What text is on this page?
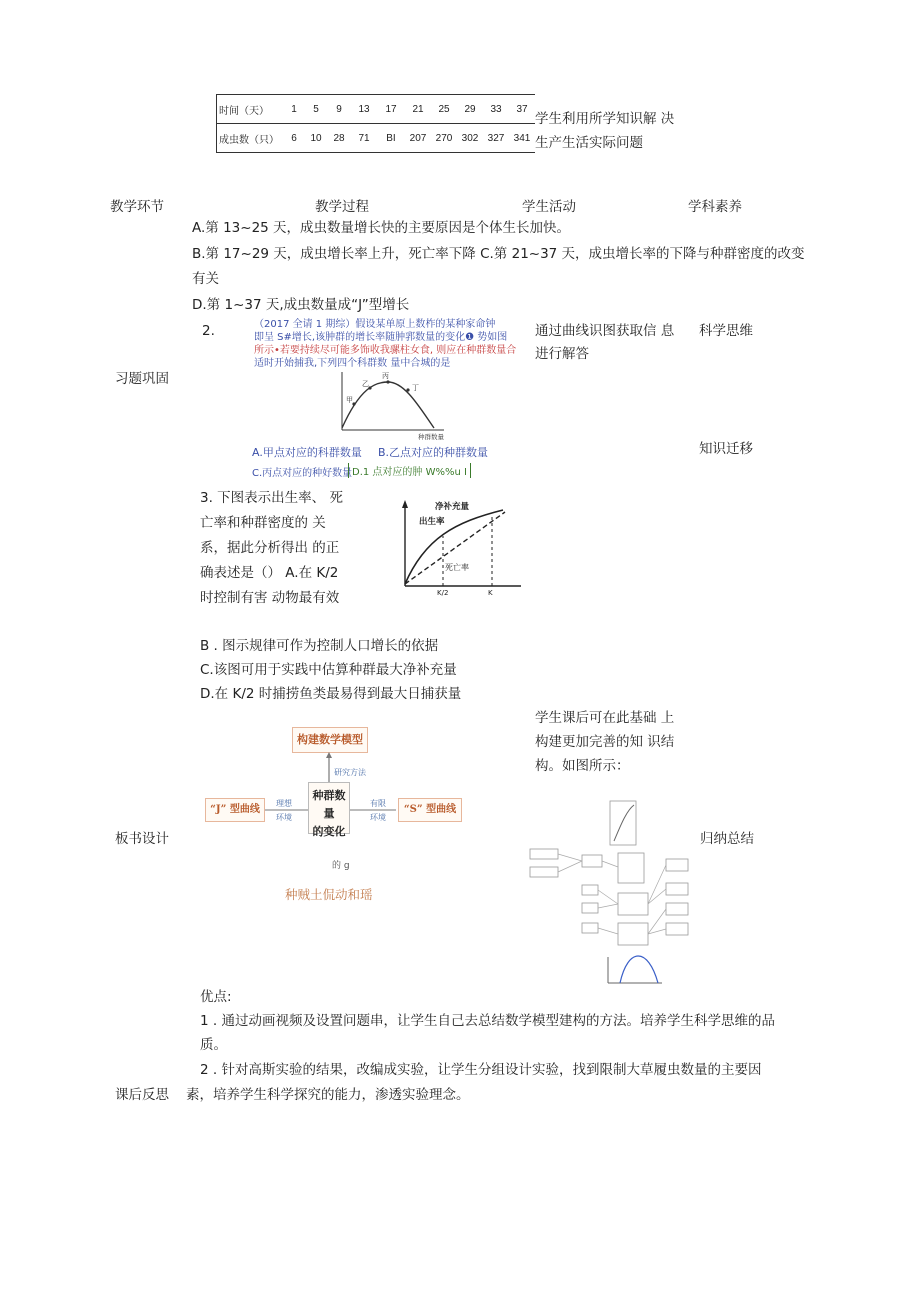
时间（天）	1	5	9	13	17	21	25	29	33	37
成虫数（只）	6	10	28	71	BI	207	270	302	327	341
学生利用所学知识解 决
生产生活实际问题
教学环节	教学过程	学生活动	学科素养
A.第 13~25 天，成虫数量增长快的主要原因是个体生长加快。
B.第 17~29 天，成虫增长率上升，死亡率下降 C.第 21~37 天，成虫增长率的下降与种群密度的改变
有关
D.第 1~37 天,成虫数量成“J”型增长
2.	（2017 全请 1 期综）假设某单原上数柞的某种家命钟
即呈 S#增长,该肿群的增长率随肿郛数量的变化❶ 势如图
所示•若要持续尽可能多饰收我骡柱女食, 则应在种群数量合
适时开始捕我,下列四个科群数 量中合城的是
甲
乙
丙
丁
种群数量
A.甲点对应的科群数量 B.乙点对应的种群数量
C.丙点对应的种好数量 D.1 点对应的肿 W%%u I
通过曲线识图获取信 息
进行解答
科学思维
习题巩固
知识迁移
3. 下图表示出生率、 死
亡率和种群密度的 关
系，据此分析得出 的正
确表述是（） A.在 K/2
时控制有害 动物最有效
出生率
净补充量
死亡率
K/2	K
B . 图示规律可作为控制人口增长的依据
C.该图可用于实践中估算种群最大净补充量
D.在 K/2 时捕捞鱼类最易得到最大日捕获量
板书设计
构建数学模型
研究方法
种群数量
的变化
“J” 型曲线	“S” 型曲线
理想
环境
有限
环境
的 g
种贼土侃动和瑶
学生课后可在此基础 上
构建更加完善的知 识结
构。如图所示：
归纳总结
优点:
1 . 通过动画视频及设置问题串，让学生自己去总结数学模型建构的方法。培养学生科学思维的品
质。
2 . 针对高斯实验的结果，改编成实验，让学生分组设计实验，找到限制大草履虫数量的主要因
课后反思 素，培养学生科学探究的能力，渗透实验理念。
